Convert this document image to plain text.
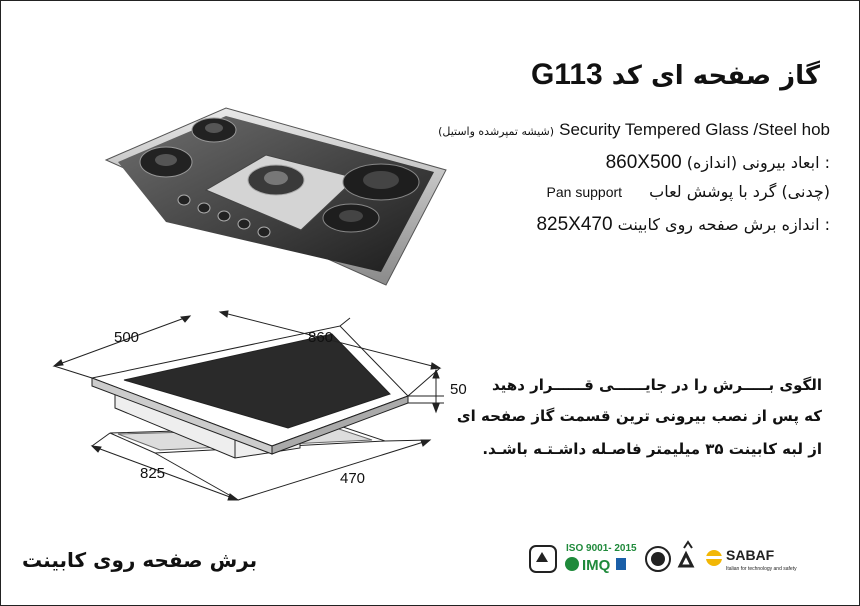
گاز صفحه ای کد G113
(شیشه تمپرشده واستیل) Security Tempered Glass /Steel hob
860X500 : ابعاد بیرونی (اندازه)
Pan support (چدنی) گرد با پوشش لعاب
825X470 : اندازه برش صفحه روی کابینت
500	860
50
825	470
الگوی بـــــرش را در جایــــــی قــــــرار دهید
که پس از نصب بیرونی ترین قسمت گاز صفحه ای
از لبه کابینت ۳۵ میلیمتر فاصـله داشـتـه باشـد.
برش صفحه روی کابینت	ISO 9001- 2015
IMQ
SABAF
Italian for technology and safety
